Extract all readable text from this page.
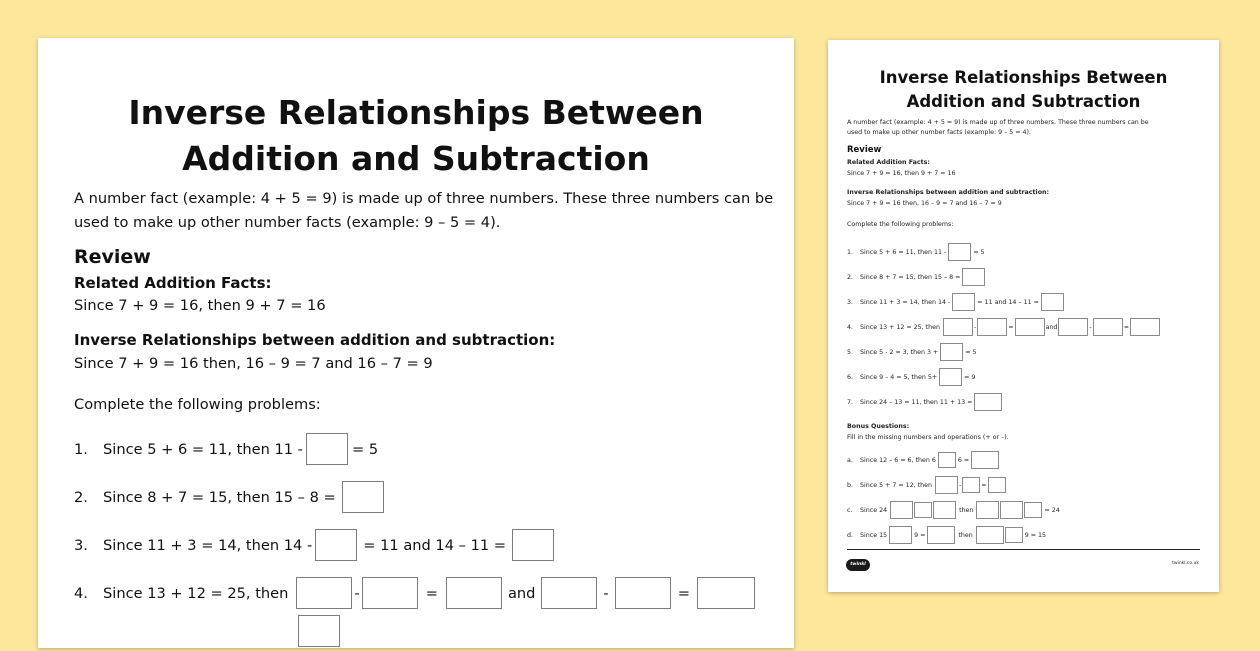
Inverse Relationships Between
Addition and Subtraction
A number fact (example: 4 + 5 = 9) is made up of three numbers. These three numbers can be
used to make up other number facts (example: 9 – 5 = 4).
Review
Related Addition Facts:
Since 7 + 9 = 16, then 9 + 7 = 16
Inverse Relationships between addition and subtraction:
Since 7 + 9 = 16 then, 16 – 9 = 7 and 16 – 7 = 9
Complete the following problems:
1.	Since 5 + 6 = 11, then 11 -	= 5
2.	Since 8 + 7 = 15, then 15 – 8 =
3.	Since 11 + 3 = 14, then 14 -	= 11 and 14 – 11 =
4.	Since 13 + 12 = 25, then	-	=	and	-	=
Inverse Relationships Between
Addition and Subtraction
A number fact (example: 4 + 5 = 9) is made up of three numbers. These three numbers can be
used to make up other number facts (example: 9 – 5 = 4).
Review
Related Addition Facts:
Since 7 + 9 = 16, then 9 + 7 = 16
Inverse Relationships between addition and subtraction:
Since 7 + 9 = 16 then, 16 – 9 = 7 and 16 – 7 = 9
Complete the following problems:
1.	Since 5 + 6 = 11, then 11 -	= 5
2.	Since 8 + 7 = 15, then 15 – 8 =
3.	Since 11 + 3 = 14, then 14 -	= 11 and 14 – 11 =
4.	Since 13 + 12 = 25, then	-	=	and	-	=
5.	Since 5 - 2 = 3, then 3 +	= 5
6.	Since 9 – 4 = 5, then 5+	= 9
7.	Since 24 – 13 = 11, then 11 + 13 =
Bonus Questions:
Fill in the missing numbers and operations (+ or –).
a.	Since 12 – 6 = 6, then 6	6 =
b.	Since 5 + 7 = 12, then	-	=
c.	Since 24	then	= 24
d.	Since 15	9 =	then	9 = 15
twinkl	twinkl.co.uk
